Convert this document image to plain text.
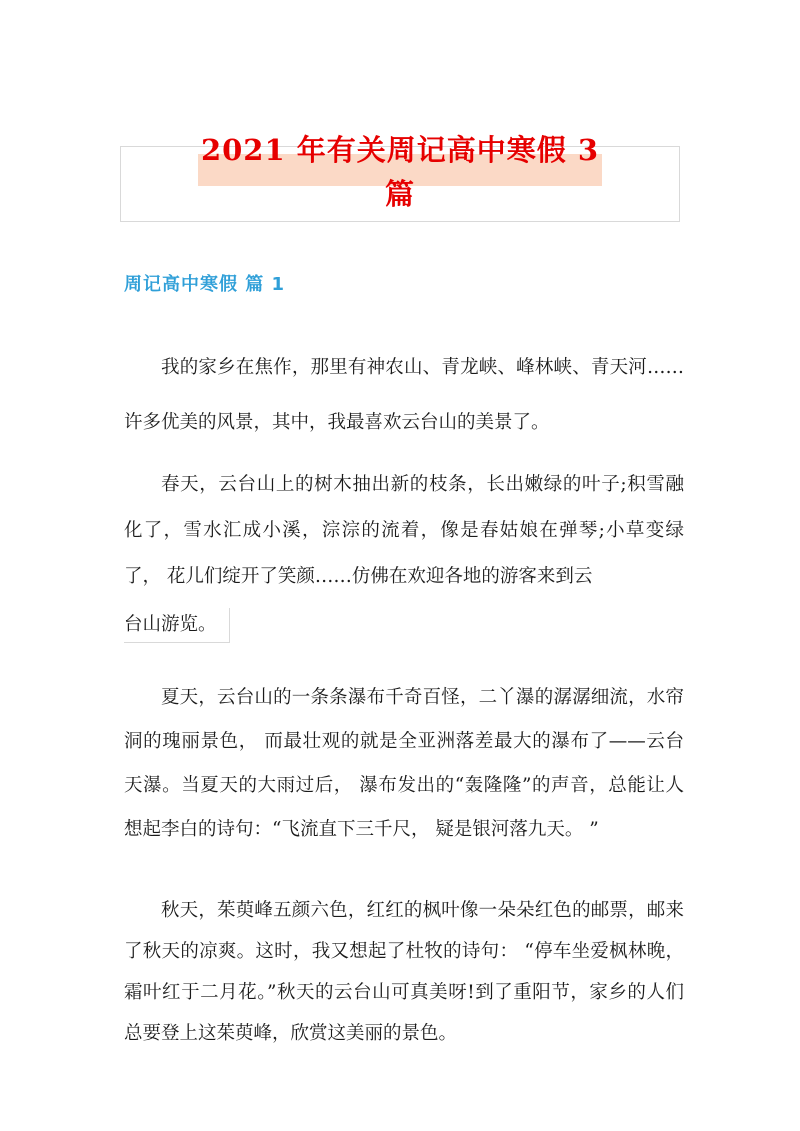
2021 年有关周记高中寒假 3 篇
周记高中寒假 篇 1

我的家乡在焦作，那里有神农山、青龙峡、峰林峡、青天河……许多优美的风景，其中，我最喜欢云台山的美景了。

春天，云台山上的树木抽出新的枝条，长出嫩绿的叶子;积雪融化了，雪水汇成小溪，淙淙的流着，像是春姑娘在弹琴;小草变绿了， 花儿们绽开了笑颜……仿佛在欢迎各地的游客来到云

台山游览。

夏天，云台山的一条条瀑布千奇百怪，二丫瀑的潺潺细流，水帘洞的瑰丽景色， 而最壮观的就是全亚洲落差最大的瀑布了——云台天瀑。当夏天的大雨过后， 瀑布发出的“轰隆隆”的声音，总能让人想起李白的诗句：“飞流直下三千尺， 疑是银河落九天。 ”

秋天，茱萸峰五颜六色，红红的枫叶像一朵朵红色的邮票，邮来了秋天的凉爽。这时，我又想起了杜牧的诗句： “停车坐爱枫林晚，霜叶红于二月花。”秋天的云台山可真美呀!到了重阳节，家乡的人们总要登上这茱萸峰，欣赏这美丽的景色。
